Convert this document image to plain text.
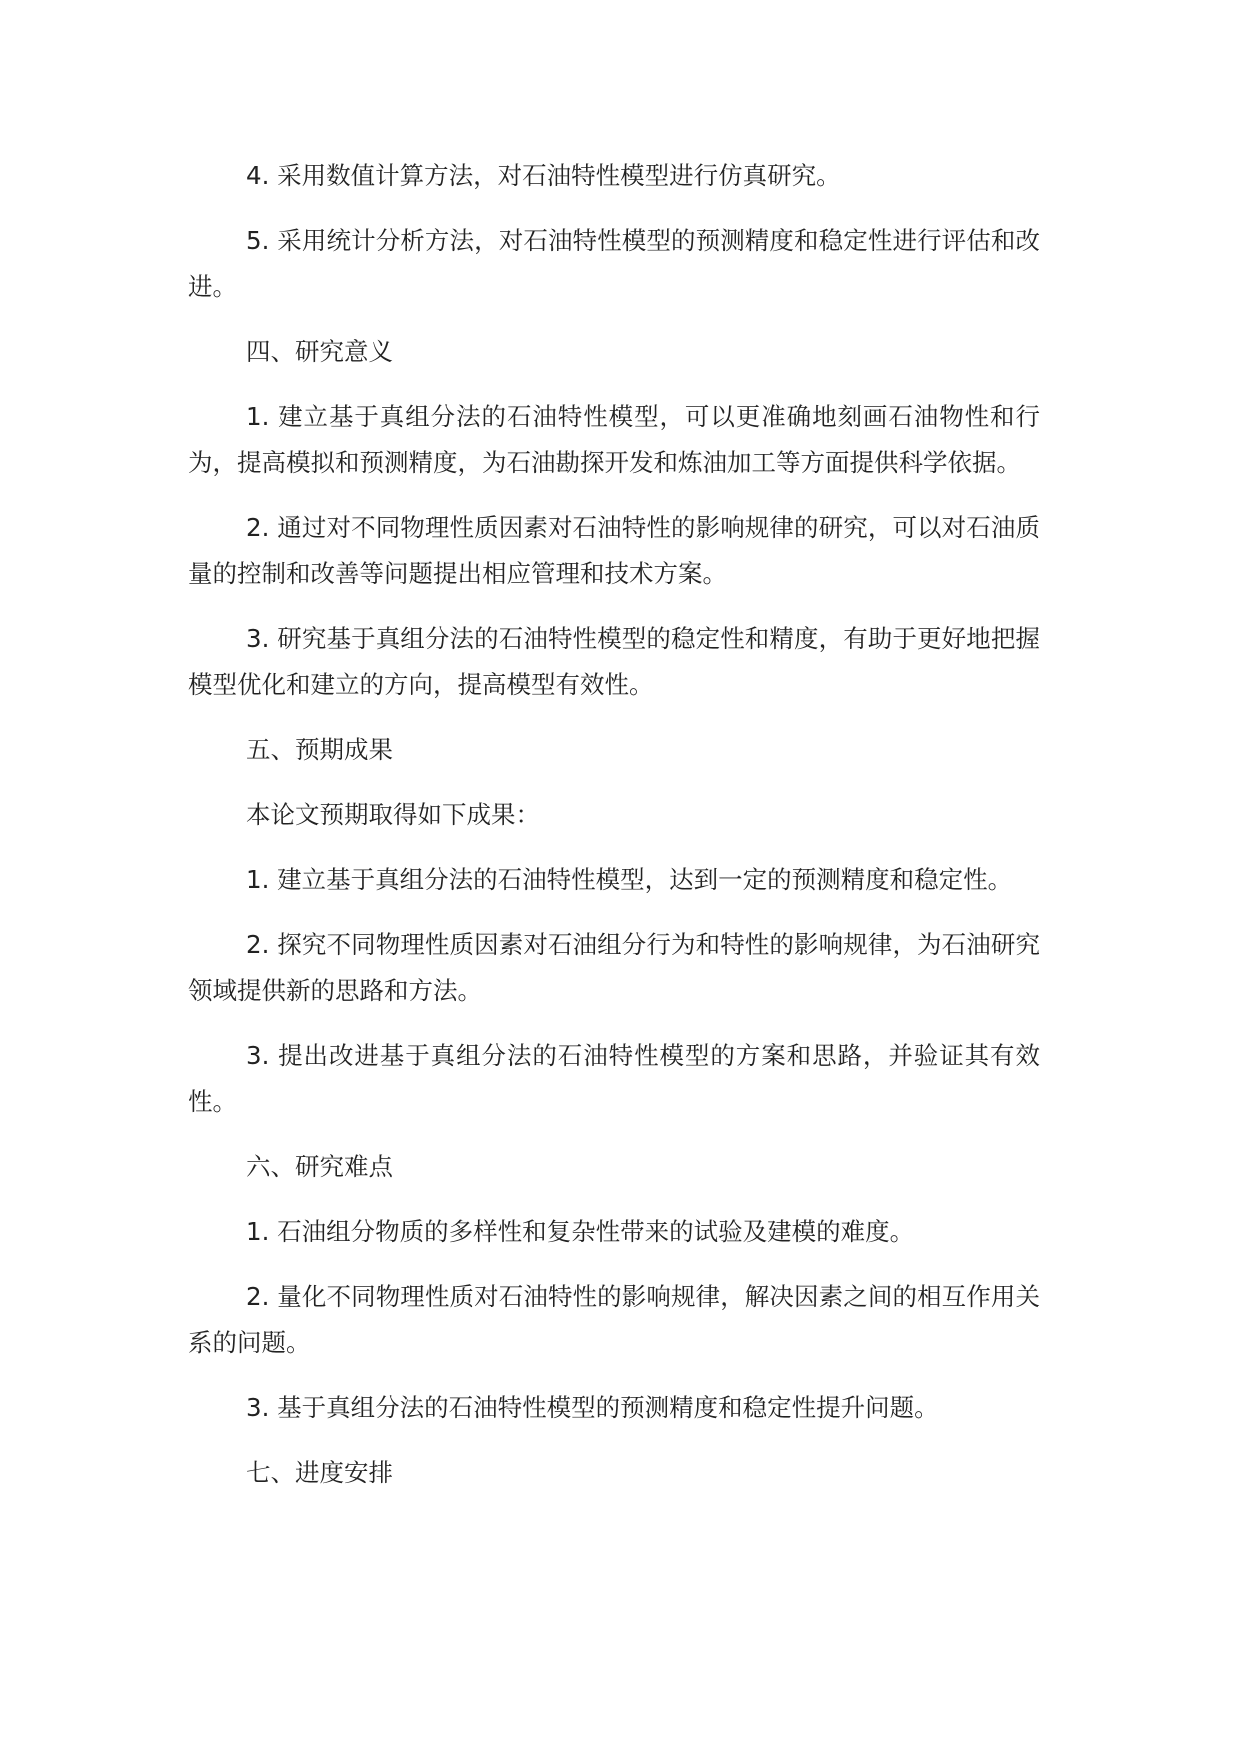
4. 采用数值计算方法，对石油特性模型进行仿真研究。

5. 采用统计分析方法，对石油特性模型的预测精度和稳定性进行评估和改进。

四、研究意义

1. 建立基于真组分法的石油特性模型，可以更准确地刻画石油物性和行为，提高模拟和预测精度，为石油勘探开发和炼油加工等方面提供科学依据。

2. 通过对不同物理性质因素对石油特性的影响规律的研究，可以对石油质量的控制和改善等问题提出相应管理和技术方案。

3. 研究基于真组分法的石油特性模型的稳定性和精度，有助于更好地把握模型优化和建立的方向，提高模型有效性。

五、预期成果

本论文预期取得如下成果：

1. 建立基于真组分法的石油特性模型，达到一定的预测精度和稳定性。

2. 探究不同物理性质因素对石油组分行为和特性的影响规律，为石油研究领域提供新的思路和方法。

3. 提出改进基于真组分法的石油特性模型的方案和思路，并验证其有效性。

六、研究难点

1. 石油组分物质的多样性和复杂性带来的试验及建模的难度。

2. 量化不同物理性质对石油特性的影响规律，解决因素之间的相互作用关系的问题。

3. 基于真组分法的石油特性模型的预测精度和稳定性提升问题。

七、进度安排
